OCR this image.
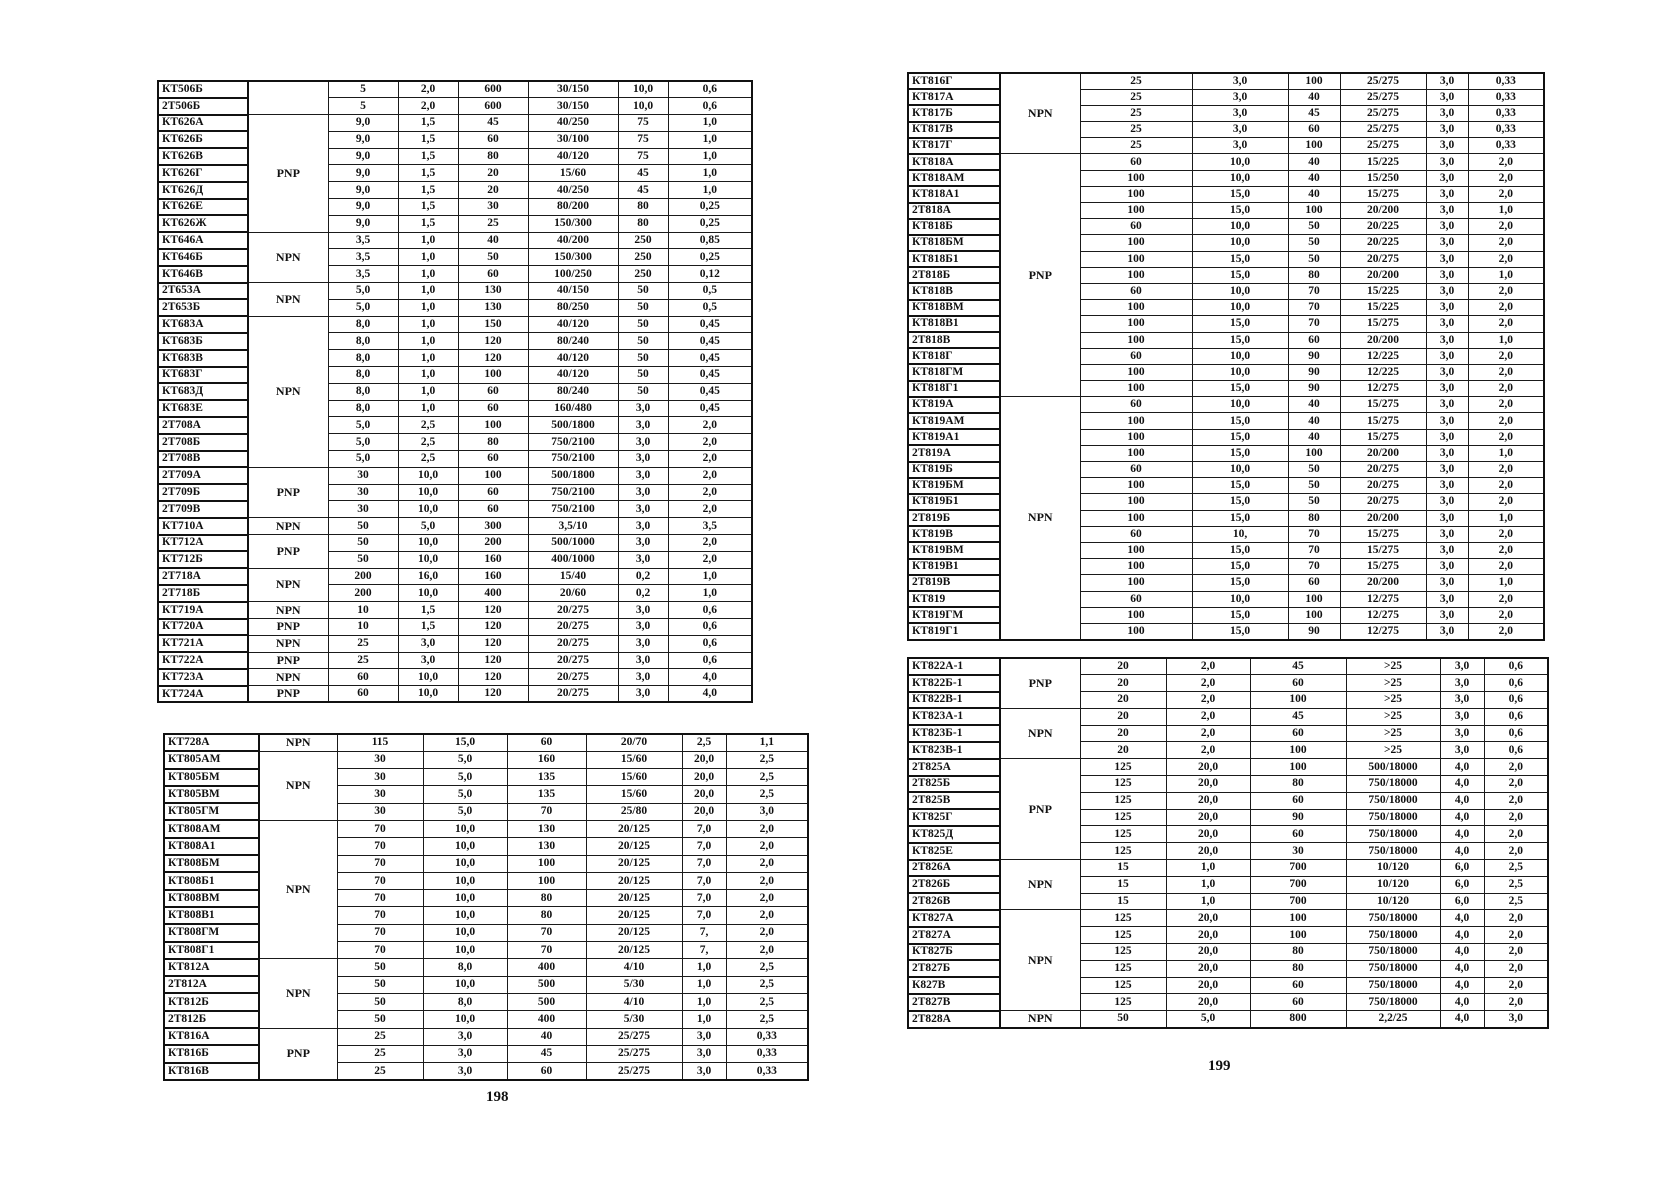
КТ506Б		5	2,0	600	30/150	10,0	0,6
2Т506Б		5	2,0	600	30/150	10,0	0,6
КТ626А	PNP	9,0	1,5	45	40/250	75	1,0
КТ626Б		9,0	1,5	60	30/100	75	1,0
КТ626В		9,0	1,5	80	40/120	75	1,0
КТ626Г		9,0	1,5	20	15/60	45	1,0
КТ626Д		9,0	1,5	20	40/250	45	1,0
КТ626Е		9,0	1,5	30	80/200	80	0,25
КТ626Ж		9,0	1,5	25	150/300	80	0,25
КТ646А	NPN	3,5	1,0	40	40/200	250	0,85
КТ646Б		3,5	1,0	50	150/300	250	0,25
КТ646В		3,5	1,0	60	100/250	250	0,12
2Т653А	NPN	5,0	1,0	130	40/150	50	0,5
2Т653Б		5,0	1,0	130	80/250	50	0,5
КТ683А	NPN	8,0	1,0	150	40/120	50	0,45
КТ683Б		8,0	1,0	120	80/240	50	0,45
КТ683В		8,0	1,0	120	40/120	50	0,45
КТ683Г		8,0	1,0	100	40/120	50	0,45
КТ683Д		8,0	1,0	60	80/240	50	0,45
КТ683Е		8,0	1,0	60	160/480	3,0	0,45
2Т708А		5,0	2,5	100	500/1800	3,0	2,0
2Т708Б		5,0	2,5	80	750/2100	3,0	2,0
2Т708В		5,0	2,5	60	750/2100	3,0	2,0
2Т709А	PNP	30	10,0	100	500/1800	3,0	2,0
2Т709Б		30	10,0	60	750/2100	3,0	2,0
2Т709В		30	10,0	60	750/2100	3,0	2,0
КТ710А	NPN	50	5,0	300	3,5/10	3,0	3,5
КТ712А	PNP	50	10,0	200	500/1000	3,0	2,0
КТ712Б		50	10,0	160	400/1000	3,0	2,0
2Т718А	NPN	200	16,0	160	15/40	0,2	1,0
2Т718Б		200	10,0	400	20/60	0,2	1,0
КТ719А	NPN	10	1,5	120	20/275	3,0	0,6
КТ720А	PNP	10	1,5	120	20/275	3,0	0,6
КТ721А	NPN	25	3,0	120	20/275	3,0	0,6
КТ722А	PNP	25	3,0	120	20/275	3,0	0,6
КТ723А	NPN	60	10,0	120	20/275	3,0	4,0
КТ724А	PNP	60	10,0	120	20/275	3,0	4,0
КТ728А	NPN	115	15,0	60	20/70	2,5	1,1
КТ805АМ	NPN	30	5,0	160	15/60	20,0	2,5
КТ805БМ		30	5,0	135	15/60	20,0	2,5
КТ805ВМ		30	5,0	135	15/60	20,0	2,5
КТ805ГМ		30	5,0	70	25/80	20,0	3,0
КТ808АМ	NPN	70	10,0	130	20/125	7,0	2,0
КТ808А1		70	10,0	130	20/125	7,0	2,0
КТ808БМ		70	10,0	100	20/125	7,0	2,0
КТ808Б1		70	10,0	100	20/125	7,0	2,0
КТ808ВМ		70	10,0	80	20/125	7,0	2,0
КТ808В1		70	10,0	80	20/125	7,0	2,0
КТ808ГМ		70	10,0	70	20/125	7,	2,0
КТ808Г1		70	10,0	70	20/125	7,	2,0
КТ812А	NPN	50	8,0	400	4/10	1,0	2,5
2Т812А		50	10,0	500	5/30	1,0	2,5
КТ812Б		50	8,0	500	4/10	1,0	2,5
2Т812Б		50	10,0	400	5/30	1,0	2,5
КТ816А	PNP	25	3,0	40	25/275	3,0	0,33
КТ816Б		25	3,0	45	25/275	3,0	0,33
КТ816В		25	3,0	60	25/275	3,0	0,33
КТ816Г	NPN	25	3,0	100	25/275	3,0	0,33
КТ817А		25	3,0	40	25/275	3,0	0,33
КТ817Б		25	3,0	45	25/275	3,0	0,33
КТ817В		25	3,0	60	25/275	3,0	0,33
КТ817Г		25	3,0	100	25/275	3,0	0,33
КТ818А	PNP	60	10,0	40	15/225	3,0	2,0
КТ818АМ		100	10,0	40	15/250	3,0	2,0
КТ818А1		100	15,0	40	15/275	3,0	2,0
2Т818А		100	15,0	100	20/200	3,0	1,0
КТ818Б		60	10,0	50	20/225	3,0	2,0
КТ818БМ		100	10,0	50	20/225	3,0	2,0
КТ818Б1		100	15,0	50	20/275	3,0	2,0
2Т818Б		100	15,0	80	20/200	3,0	1,0
КТ818В		60	10,0	70	15/225	3,0	2,0
КТ818ВМ		100	10,0	70	15/225	3,0	2,0
КТ818В1		100	15,0	70	15/275	3,0	2,0
2Т818В		100	15,0	60	20/200	3,0	1,0
КТ818Г		60	10,0	90	12/225	3,0	2,0
КТ818ГМ		100	10,0	90	12/225	3,0	2,0
КТ818Г1		100	15,0	90	12/275	3,0	2,0
КТ819А	NPN	60	10,0	40	15/275	3,0	2,0
КТ819АМ		100	15,0	40	15/275	3,0	2,0
КТ819А1		100	15,0	40	15/275	3,0	2,0
2Т819А		100	15,0	100	20/200	3,0	1,0
КТ819Б		60	10,0	50	20/275	3,0	2,0
КТ819БМ		100	15,0	50	20/275	3,0	2,0
КТ819Б1		100	15,0	50	20/275	3,0	2,0
2Т819Б		100	15,0	80	20/200	3,0	1,0
КТ819В		60	10,	70	15/275	3,0	2,0
КТ819ВМ		100	15,0	70	15/275	3,0	2,0
КТ819В1		100	15,0	70	15/275	3,0	2,0
2Т819В		100	15,0	60	20/200	3,0	1,0
КТ819		60	10,0	100	12/275	3,0	2,0
КТ819ГМ		100	15,0	100	12/275	3,0	2,0
КТ819Г1		100	15,0	90	12/275	3,0	2,0
КТ822А-1	PNP	20	2,0	45	>25	3,0	0,6
КТ822Б-1		20	2,0	60	>25	3,0	0,6
КТ822В-1		20	2,0	100	>25	3,0	0,6
КТ823А-1	NPN	20	2,0	45	>25	3,0	0,6
КТ823Б-1		20	2,0	60	>25	3,0	0,6
КТ823В-1		20	2,0	100	>25	3,0	0,6
2Т825А	PNP	125	20,0	100	500/18000	4,0	2,0
2Т825Б		125	20,0	80	750/18000	4,0	2,0
2Т825В		125	20,0	60	750/18000	4,0	2,0
КТ825Г		125	20,0	90	750/18000	4,0	2,0
КТ825Д		125	20,0	60	750/18000	4,0	2,0
КТ825Е		125	20,0	30	750/18000	4,0	2,0
2Т826А	NPN	15	1,0	700	10/120	6,0	2,5
2Т826Б		15	1,0	700	10/120	6,0	2,5
2Т826В		15	1,0	700	10/120	6,0	2,5
КТ827А	NPN	125	20,0	100	750/18000	4,0	2,0
2Т827А		125	20,0	100	750/18000	4,0	2,0
КТ827Б		125	20,0	80	750/18000	4,0	2,0
2Т827Б		125	20,0	80	750/18000	4,0	2,0
К827В		125	20,0	60	750/18000	4,0	2,0
2Т827В		125	20,0	60	750/18000	4,0	2,0
2Т828А	NPN	50	5,0	800	2,2/25	4,0	3,0
198
199
